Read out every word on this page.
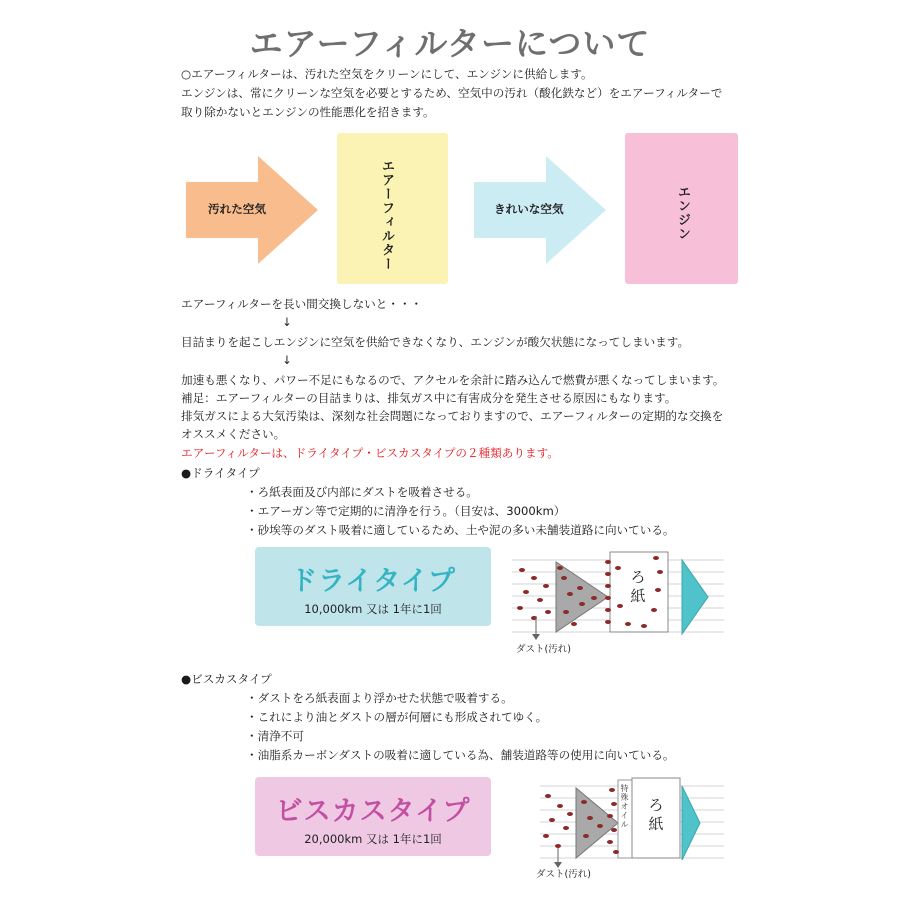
エアーフィルターについて
○エアーフィルターは、汚れた空気をクリーンにして、エンジンに供給します。
エンジンは、常にクリーンな空気を必要とするため、空気中の汚れ（酸化鉄など）をエアーフィルターで
取り除かないとエンジンの性能悪化を招きます。
汚れた空気	エアーフィルター	きれいな空気	エンジン
エアーフィルターを長い間交換しないと・・・
↓
目詰まりを起こしエンジンに空気を供給できなくなり、エンジンが酸欠状態になってしまいます。
↓
加速も悪くなり、パワー不足にもなるので、アクセルを余計に踏み込んで燃費が悪くなってしまいます。
補足：エアーフィルターの目詰まりは、排気ガス中に有害成分を発生させる原因にもなります。
排気ガスによる大気汚染は、深刻な社会問題になっておりますので、エアーフィルターの定期的な交換を
オススメください。
エアーフィルターは、ドライタイプ・ビスカスタイプの２種類あります。
●ドライタイプ
・ろ紙表面及び内部にダストを吸着させる。
・エアーガン等で定期的に清浄を行う。（目安は、3000km）
・砂埃等のダスト吸着に適しているため、土や泥の多い未舗装道路に向いている。
ドライタイプ
10,000km 又は 1年に1回
ろ紙
ダスト(汚れ)
●ビスカスタイプ
・ダストをろ紙表面より浮かせた状態で吸着する。
・これにより油とダストの層が何層にも形成されてゆく。
・清浄不可
・油脂系カーボンダストの吸着に適している為、舗装道路等の使用に向いている。
ビスカスタイプ
20,000km 又は 1年に1回
特殊オイル ろ紙
ダスト(汚れ)
